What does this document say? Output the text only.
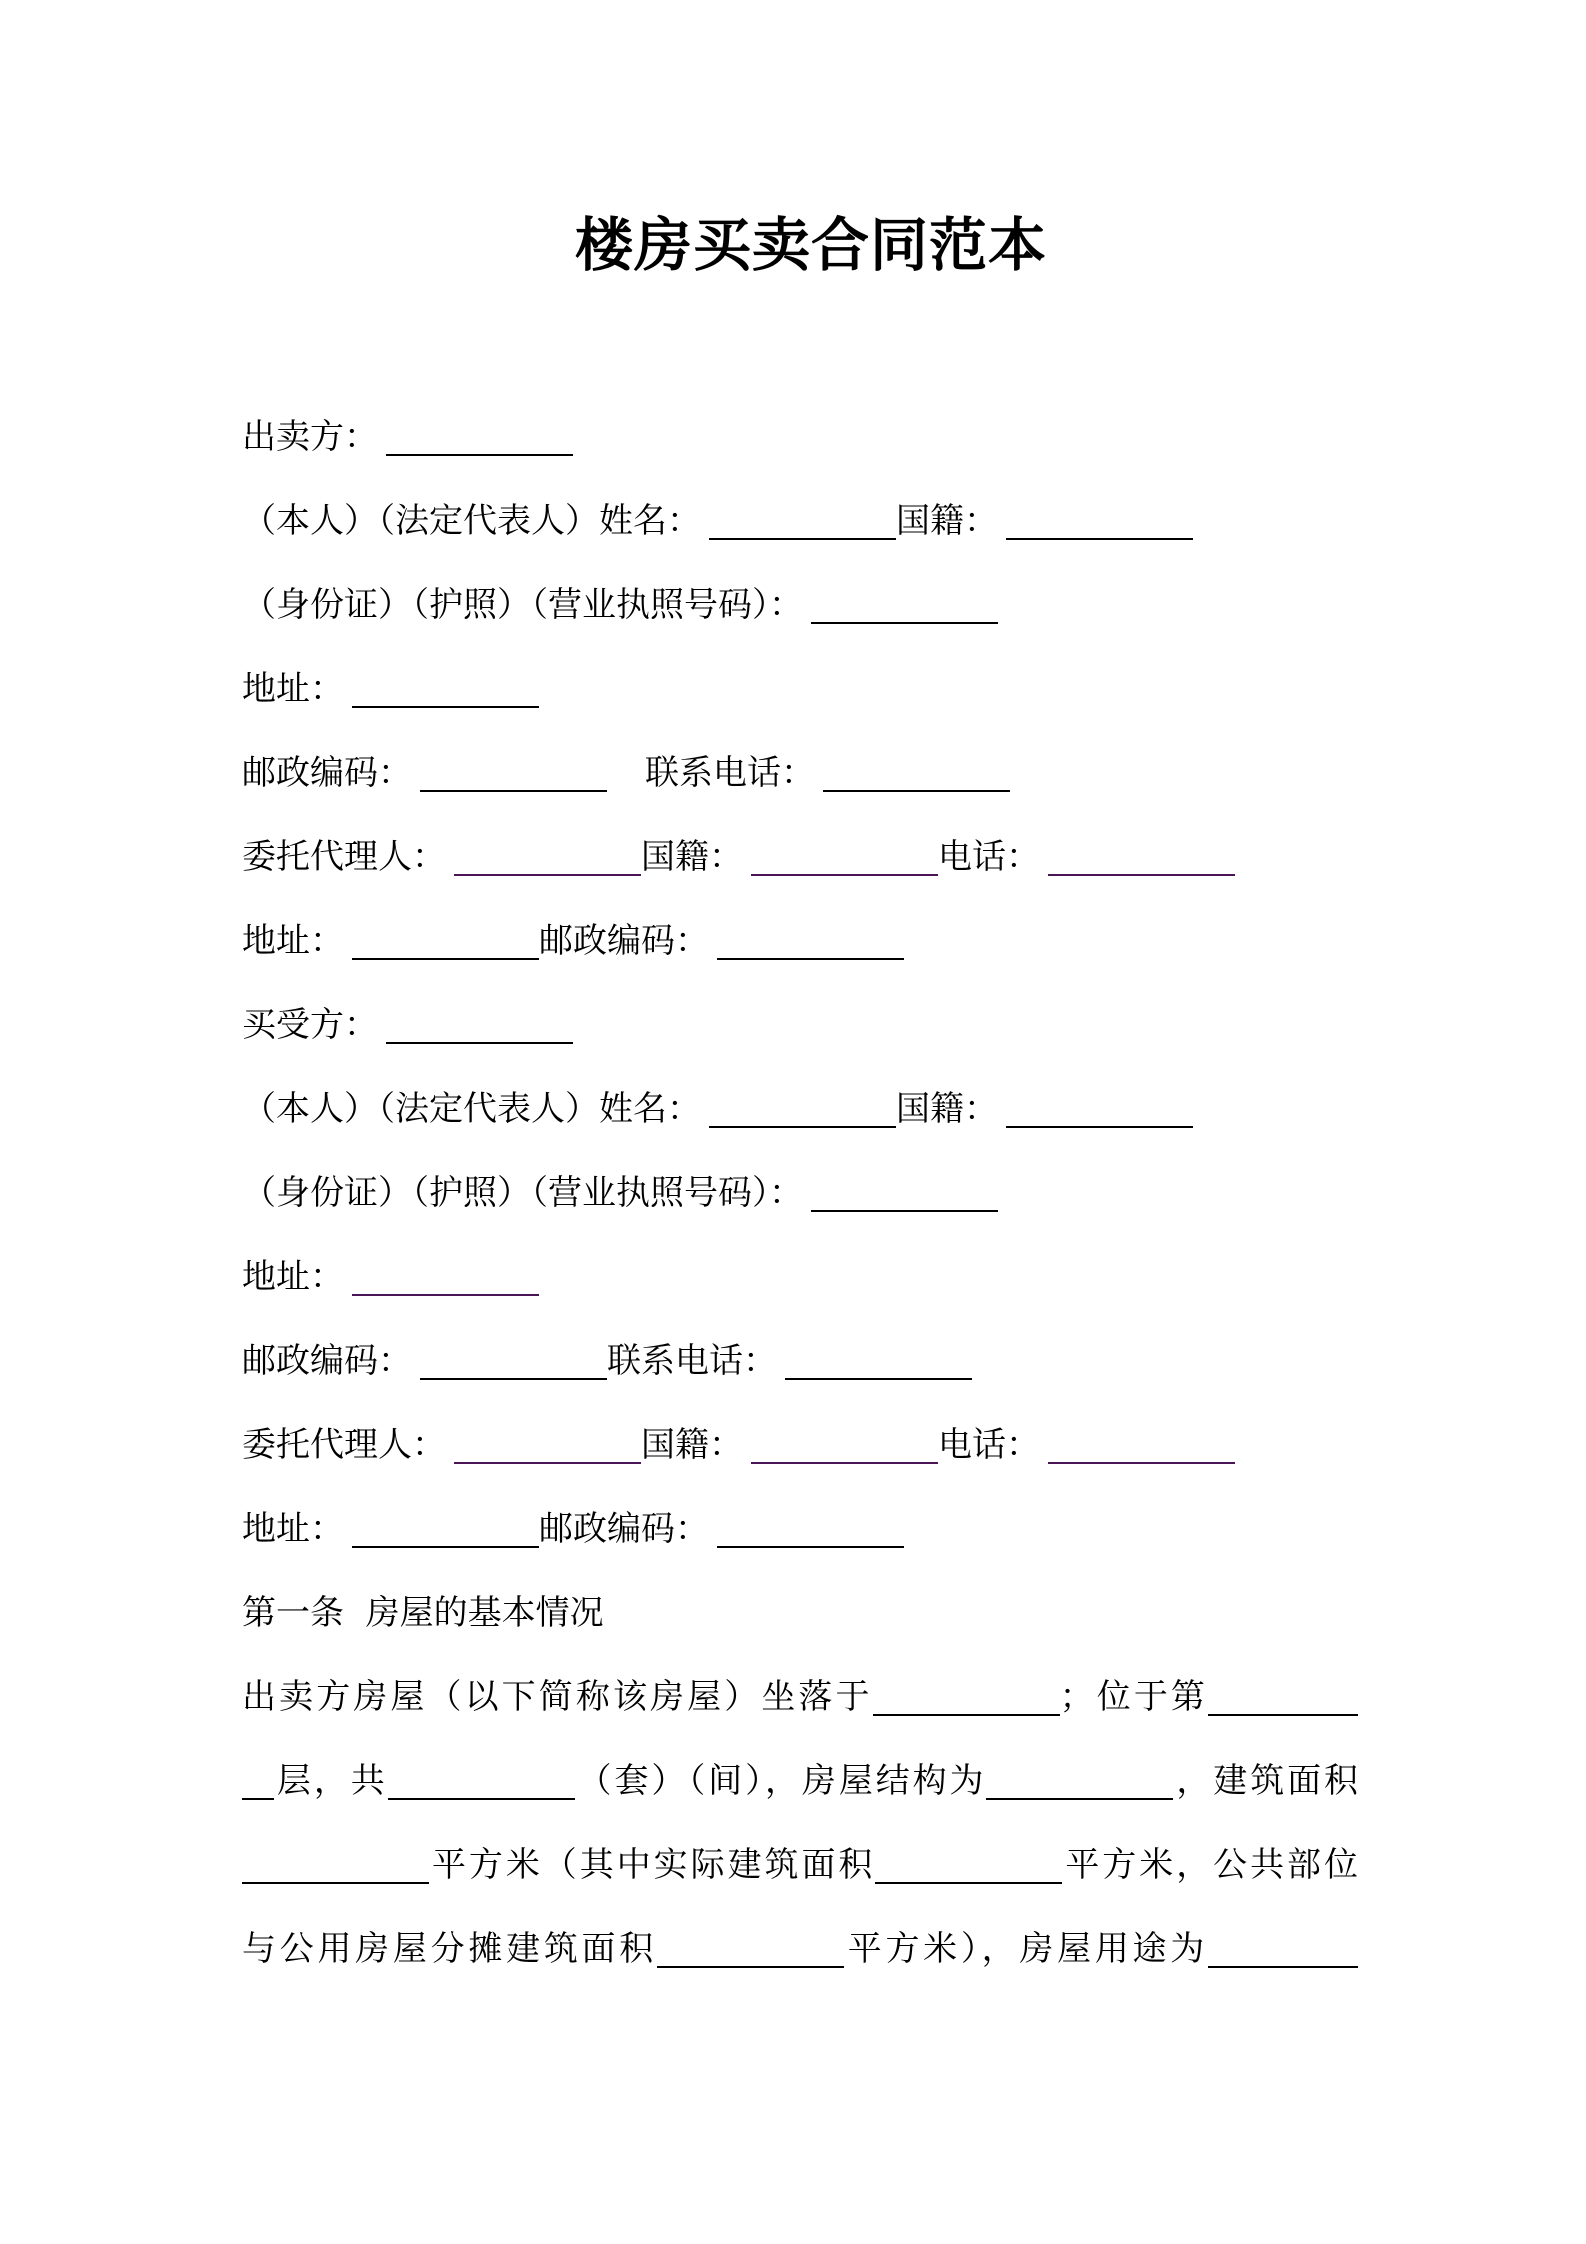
楼房买卖合同范本
出卖方：
（本人）（法定代表人）姓名：	国籍：
（身份证）（护照）（营业执照号码）：
地址：
邮政编码：	联系电话：
委托代理人：	国籍：	电话：
地址：	邮政编码：
买受方：
（本人）（法定代表人）姓名：	国籍：
（身份证）（护照）（营业执照号码）：
地址：
邮政编码：	联系电话：
委托代理人：	国籍：	电话：
地址：	邮政编码：
第一条  房屋的基本情况
出卖方房屋（以下简称该房屋）坐落于	；位于第
层，共	（套）（间），房屋结构为	，建筑面积
平方米（其中实际建筑面积	平方米，公共部位
与公用房屋分摊建筑面积	平方米），房屋用途为
